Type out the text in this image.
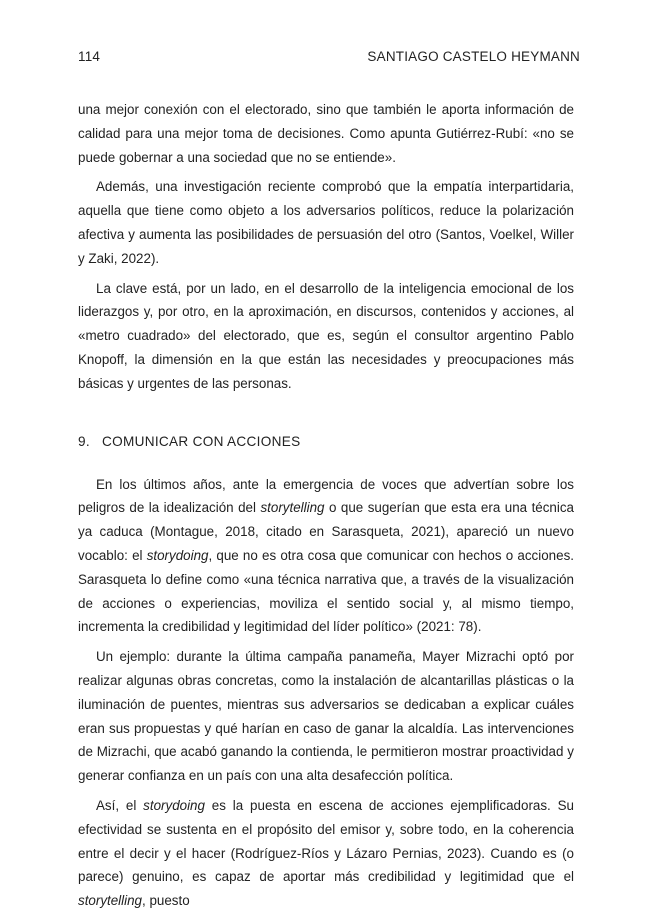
114	SANTIAGO CASTELO HEYMANN

una mejor conexión con el electorado, sino que también le aporta información de calidad para una mejor toma de decisiones. Como apunta Gutiérrez-Rubí: «no se puede gobernar a una sociedad que no se entiende».

Además, una investigación reciente comprobó que la empatía interpartidaria, aquella que tiene como objeto a los adversarios políticos, reduce la polarización afectiva y aumenta las posibilidades de persuasión del otro (Santos, Voelkel, Willer y Zaki, 2022).

La clave está, por un lado, en el desarrollo de la inteligencia emocional de los liderazgos y, por otro, en la aproximación, en discursos, contenidos y acciones, al «metro cuadrado» del electorado, que es, según el consultor argentino Pablo Knopoff, la dimensión en la que están las necesidades y preocupaciones más básicas y urgentes de las personas.

9. COMUNICAR CON ACCIONES

En los últimos años, ante la emergencia de voces que advertían sobre los peligros de la idealización del storytelling o que sugerían que esta era una técnica ya caduca (Montague, 2018, citado en Sarasqueta, 2021), apareció un nuevo vocablo: el storydoing, que no es otra cosa que comunicar con hechos o acciones. Sarasqueta lo define como «una técnica narrativa que, a través de la visualización de acciones o experiencias, moviliza el sentido social y, al mismo tiempo, incrementa la credibilidad y legitimidad del líder político» (2021: 78).

Un ejemplo: durante la última campaña panameña, Mayer Mizrachi optó por realizar algunas obras concretas, como la instalación de alcantarillas plásticas o la iluminación de puentes, mientras sus adversarios se dedicaban a explicar cuáles eran sus propuestas y qué harían en caso de ganar la alcaldía. Las intervenciones de Mizrachi, que acabó ganando la contienda, le permitieron mostrar proactividad y generar confianza en un país con una alta desafección política.

Así, el storydoing es la puesta en escena de acciones ejemplificadoras. Su efectividad se sustenta en el propósito del emisor y, sobre todo, en la coherencia entre el decir y el hacer (Rodríguez-Ríos y Lázaro Pernias, 2023). Cuando es (o parece) genuino, es capaz de aportar más credibilidad y legitimidad que el storytelling, puesto
